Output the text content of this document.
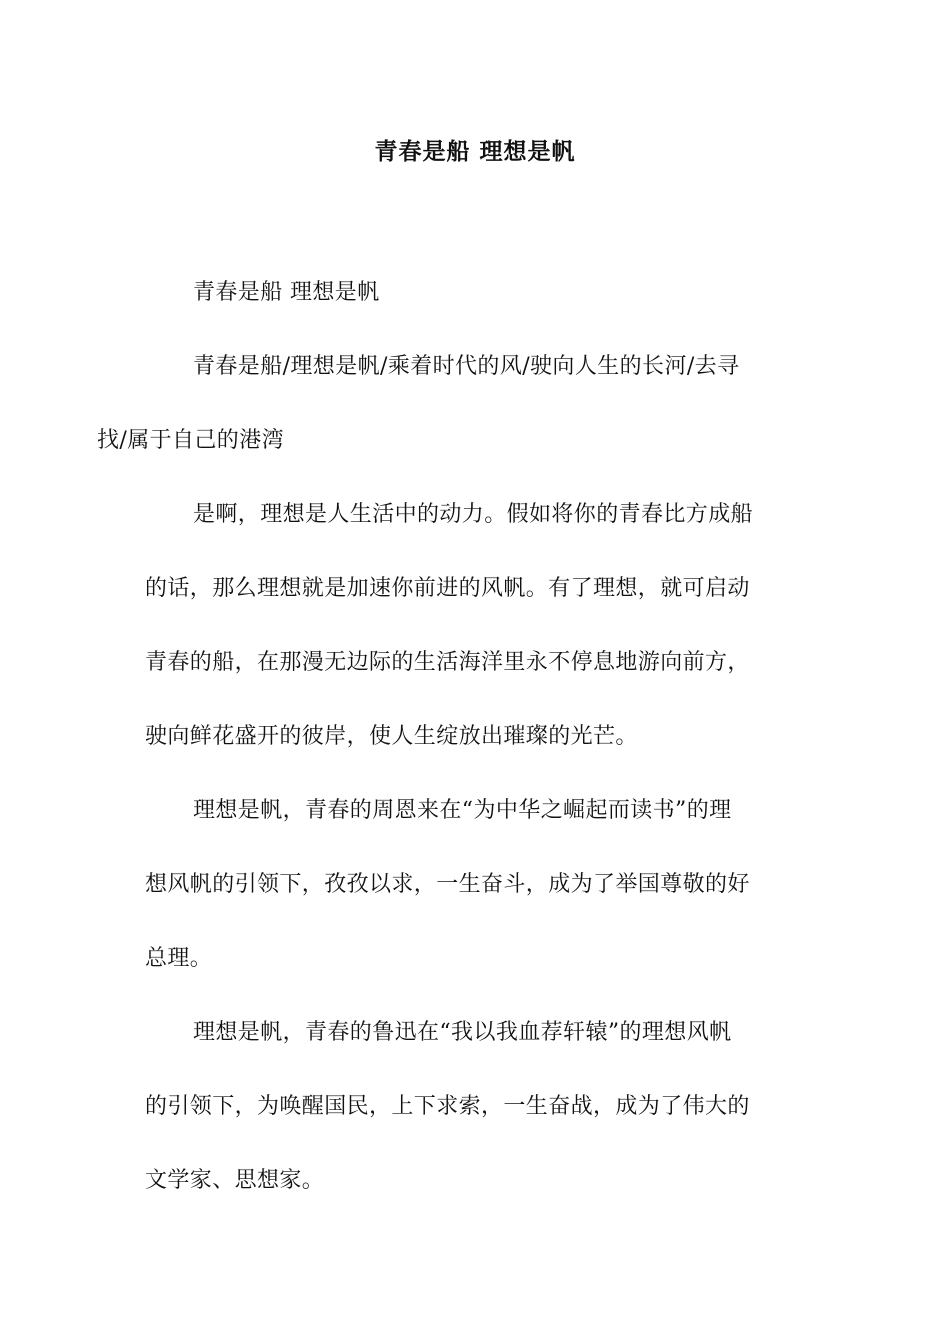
青春是船 理想是帆

青春是船 理想是帆

青春是船/理想是帆/乘着时代的风/驶向人生的长河/去寻
找/属于自己的港湾

是啊，理想是人生活中的动力。假如将你的青春比方成船
的话，那么理想就是加速你前进的风帆。有了理想，就可启动
青春的船，在那漫无边际的生活海洋里永不停息地游向前方，
驶向鲜花盛开的彼岸，使人生绽放出璀璨的光芒。

理想是帆，青春的周恩来在“为中华之崛起而读书”的理
想风帆的引领下，孜孜以求，一生奋斗，成为了举国尊敬的好
总理。

理想是帆，青春的鲁迅在“我以我血荐轩辕”的理想风帆
的引领下，为唤醒国民，上下求索，一生奋战，成为了伟大的
文学家、思想家。
